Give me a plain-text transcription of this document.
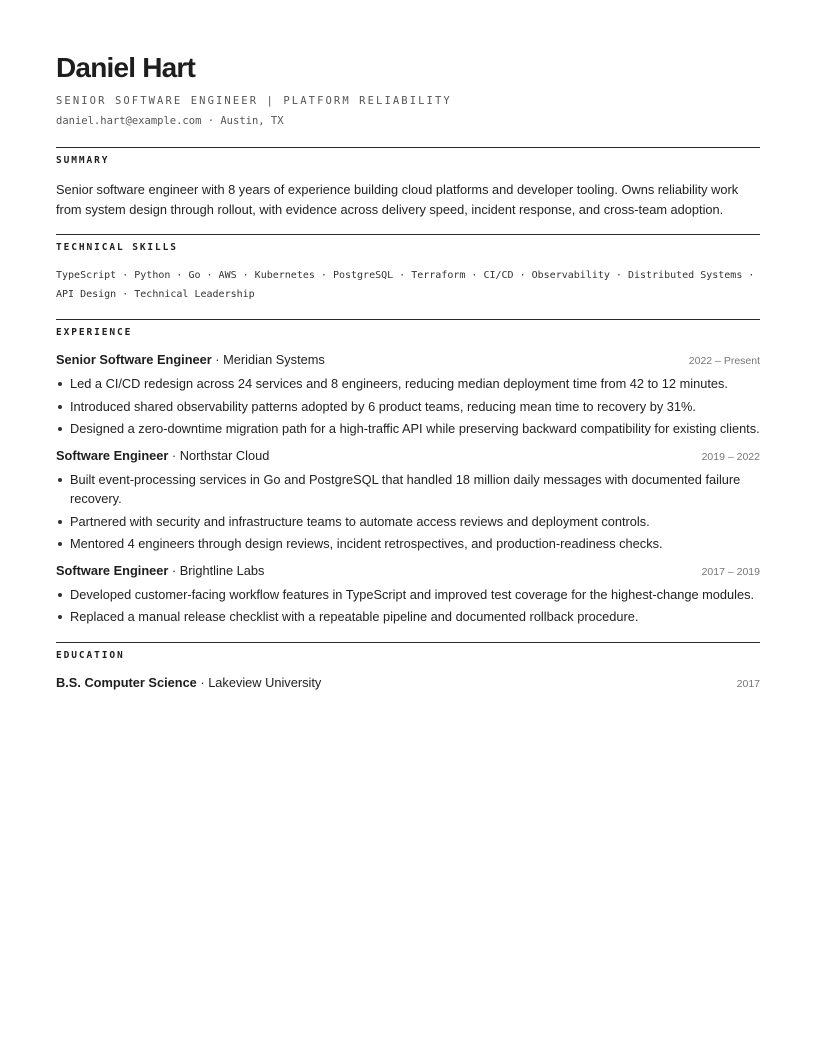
Daniel Hart
SENIOR SOFTWARE ENGINEER | PLATFORM RELIABILITY
daniel.hart@example.com · Austin, TX
SUMMARY
Senior software engineer with 8 years of experience building cloud platforms and developer tooling. Owns reliability work from system design through rollout, with evidence across delivery speed, incident response, and cross-team adoption.
TECHNICAL SKILLS
TypeScript · Python · Go · AWS · Kubernetes · PostgreSQL · Terraform · CI/CD · Observability · Distributed Systems · API Design · Technical Leadership
EXPERIENCE
Senior Software Engineer · Meridian Systems	2022 – Present
Led a CI/CD redesign across 24 services and 8 engineers, reducing median deployment time from 42 to 12 minutes.
Introduced shared observability patterns adopted by 6 product teams, reducing mean time to recovery by 31%.
Designed a zero-downtime migration path for a high-traffic API while preserving backward compatibility for existing clients.
Software Engineer · Northstar Cloud	2019 – 2022
Built event-processing services in Go and PostgreSQL that handled 18 million daily messages with documented failure recovery.
Partnered with security and infrastructure teams to automate access reviews and deployment controls.
Mentored 4 engineers through design reviews, incident retrospectives, and production-readiness checks.
Software Engineer · Brightline Labs	2017 – 2019
Developed customer-facing workflow features in TypeScript and improved test coverage for the highest-change modules.
Replaced a manual release checklist with a repeatable pipeline and documented rollback procedure.
EDUCATION
B.S. Computer Science · Lakeview University	2017
